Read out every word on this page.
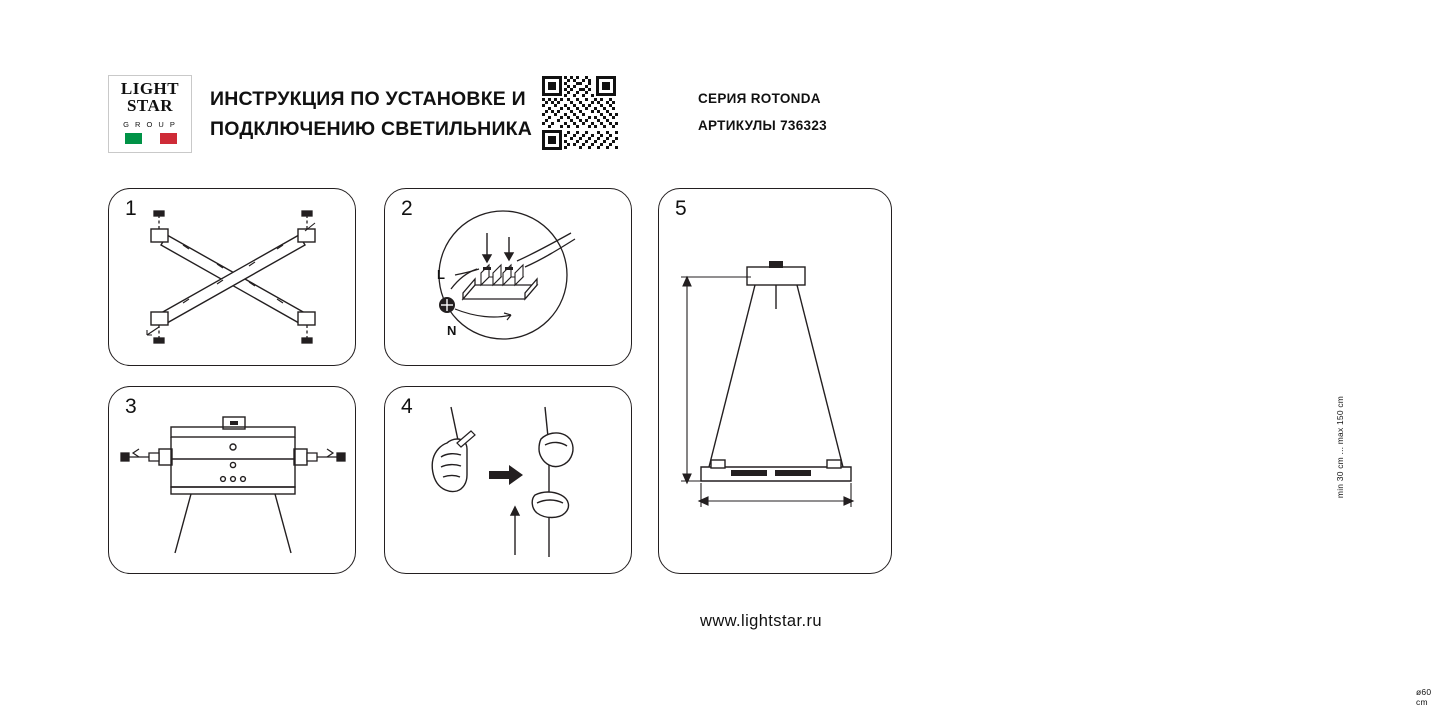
LIGHT
STAR
G R O U P
ИНСТРУКЦИЯ ПО УСТАНОВКЕ И
ПОДКЛЮЧЕНИЮ СВЕТИЛЬНИКА
СЕРИЯ ROTONDA
АРТИКУЛЫ 736323
1	2
L
N
3	4
5
min 30 cm ... max 150 cm
ø60 cm
www.lightstar.ru
